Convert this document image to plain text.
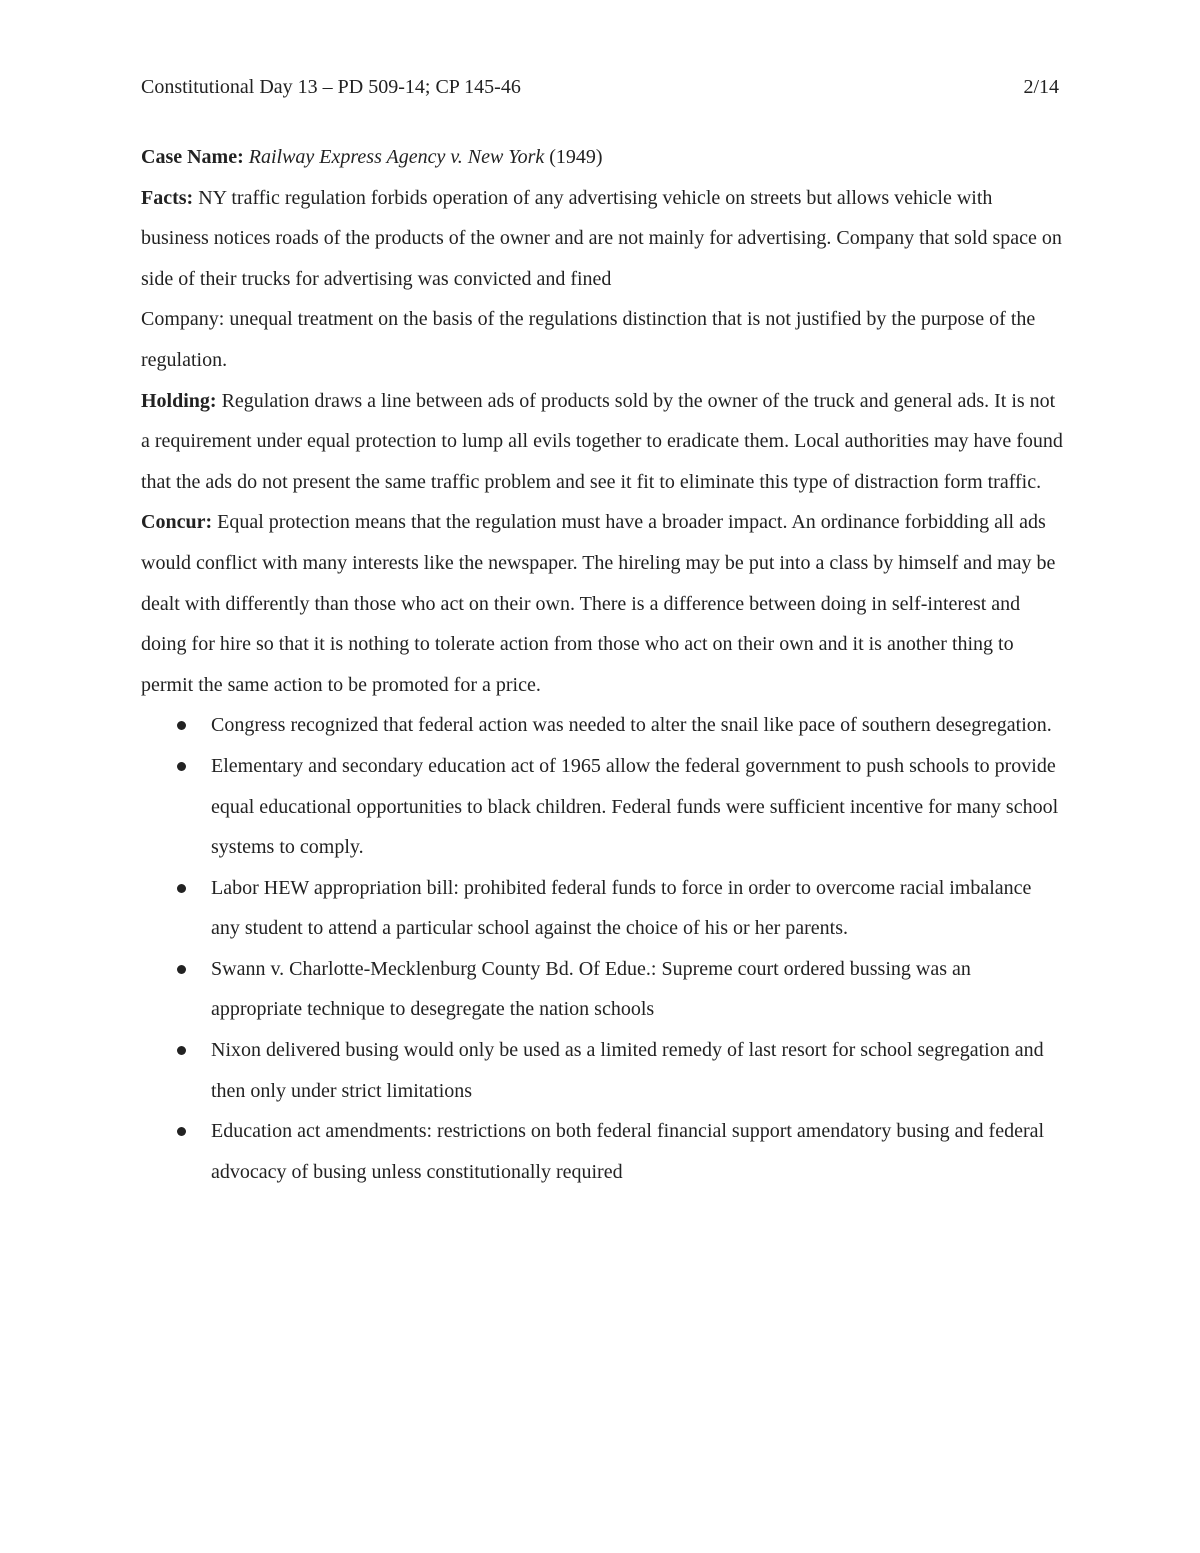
Constitutional Day 13 – PD 509-14; CP 145-46	2/14

Case Name: Railway Express Agency v. New York (1949)

Facts: NY traffic regulation forbids operation of any advertising vehicle on streets but allows vehicle with business notices roads of the products of the owner and are not mainly for advertising. Company that sold space on side of their trucks for advertising was convicted and fined

Company: unequal treatment on the basis of the regulations distinction that is not justified by the purpose of the regulation.

Holding: Regulation draws a line between ads of products sold by the owner of the truck and general ads. It is not a requirement under equal protection to lump all evils together to eradicate them. Local authorities may have found that the ads do not present the same traffic problem and see it fit to eliminate this type of distraction form traffic.

Concur: Equal protection means that the regulation must have a broader impact. An ordinance forbidding all ads would conflict with many interests like the newspaper. The hireling may be put into a class by himself and may be dealt with differently than those who act on their own. There is a difference between doing in self-interest and doing for hire so that it is nothing to tolerate action from those who act on their own and it is another thing to permit the same action to be promoted for a price.

Congress recognized that federal action was needed to alter the snail like pace of southern desegregation.
Elementary and secondary education act of 1965 allow the federal government to push schools to provide equal educational opportunities to black children. Federal funds were sufficient incentive for many school systems to comply.
Labor HEW appropriation bill: prohibited federal funds to force in order to overcome racial imbalance any student to attend a particular school against the choice of his or her parents.
Swann v. Charlotte-Mecklenburg County Bd. Of Edue.: Supreme court ordered bussing was an appropriate technique to desegregate the nation schools
Nixon delivered busing would only be used as a limited remedy of last resort for school segregation and then only under strict limitations
Education act amendments: restrictions on both federal financial support amendatory busing and federal advocacy of busing unless constitutionally required
